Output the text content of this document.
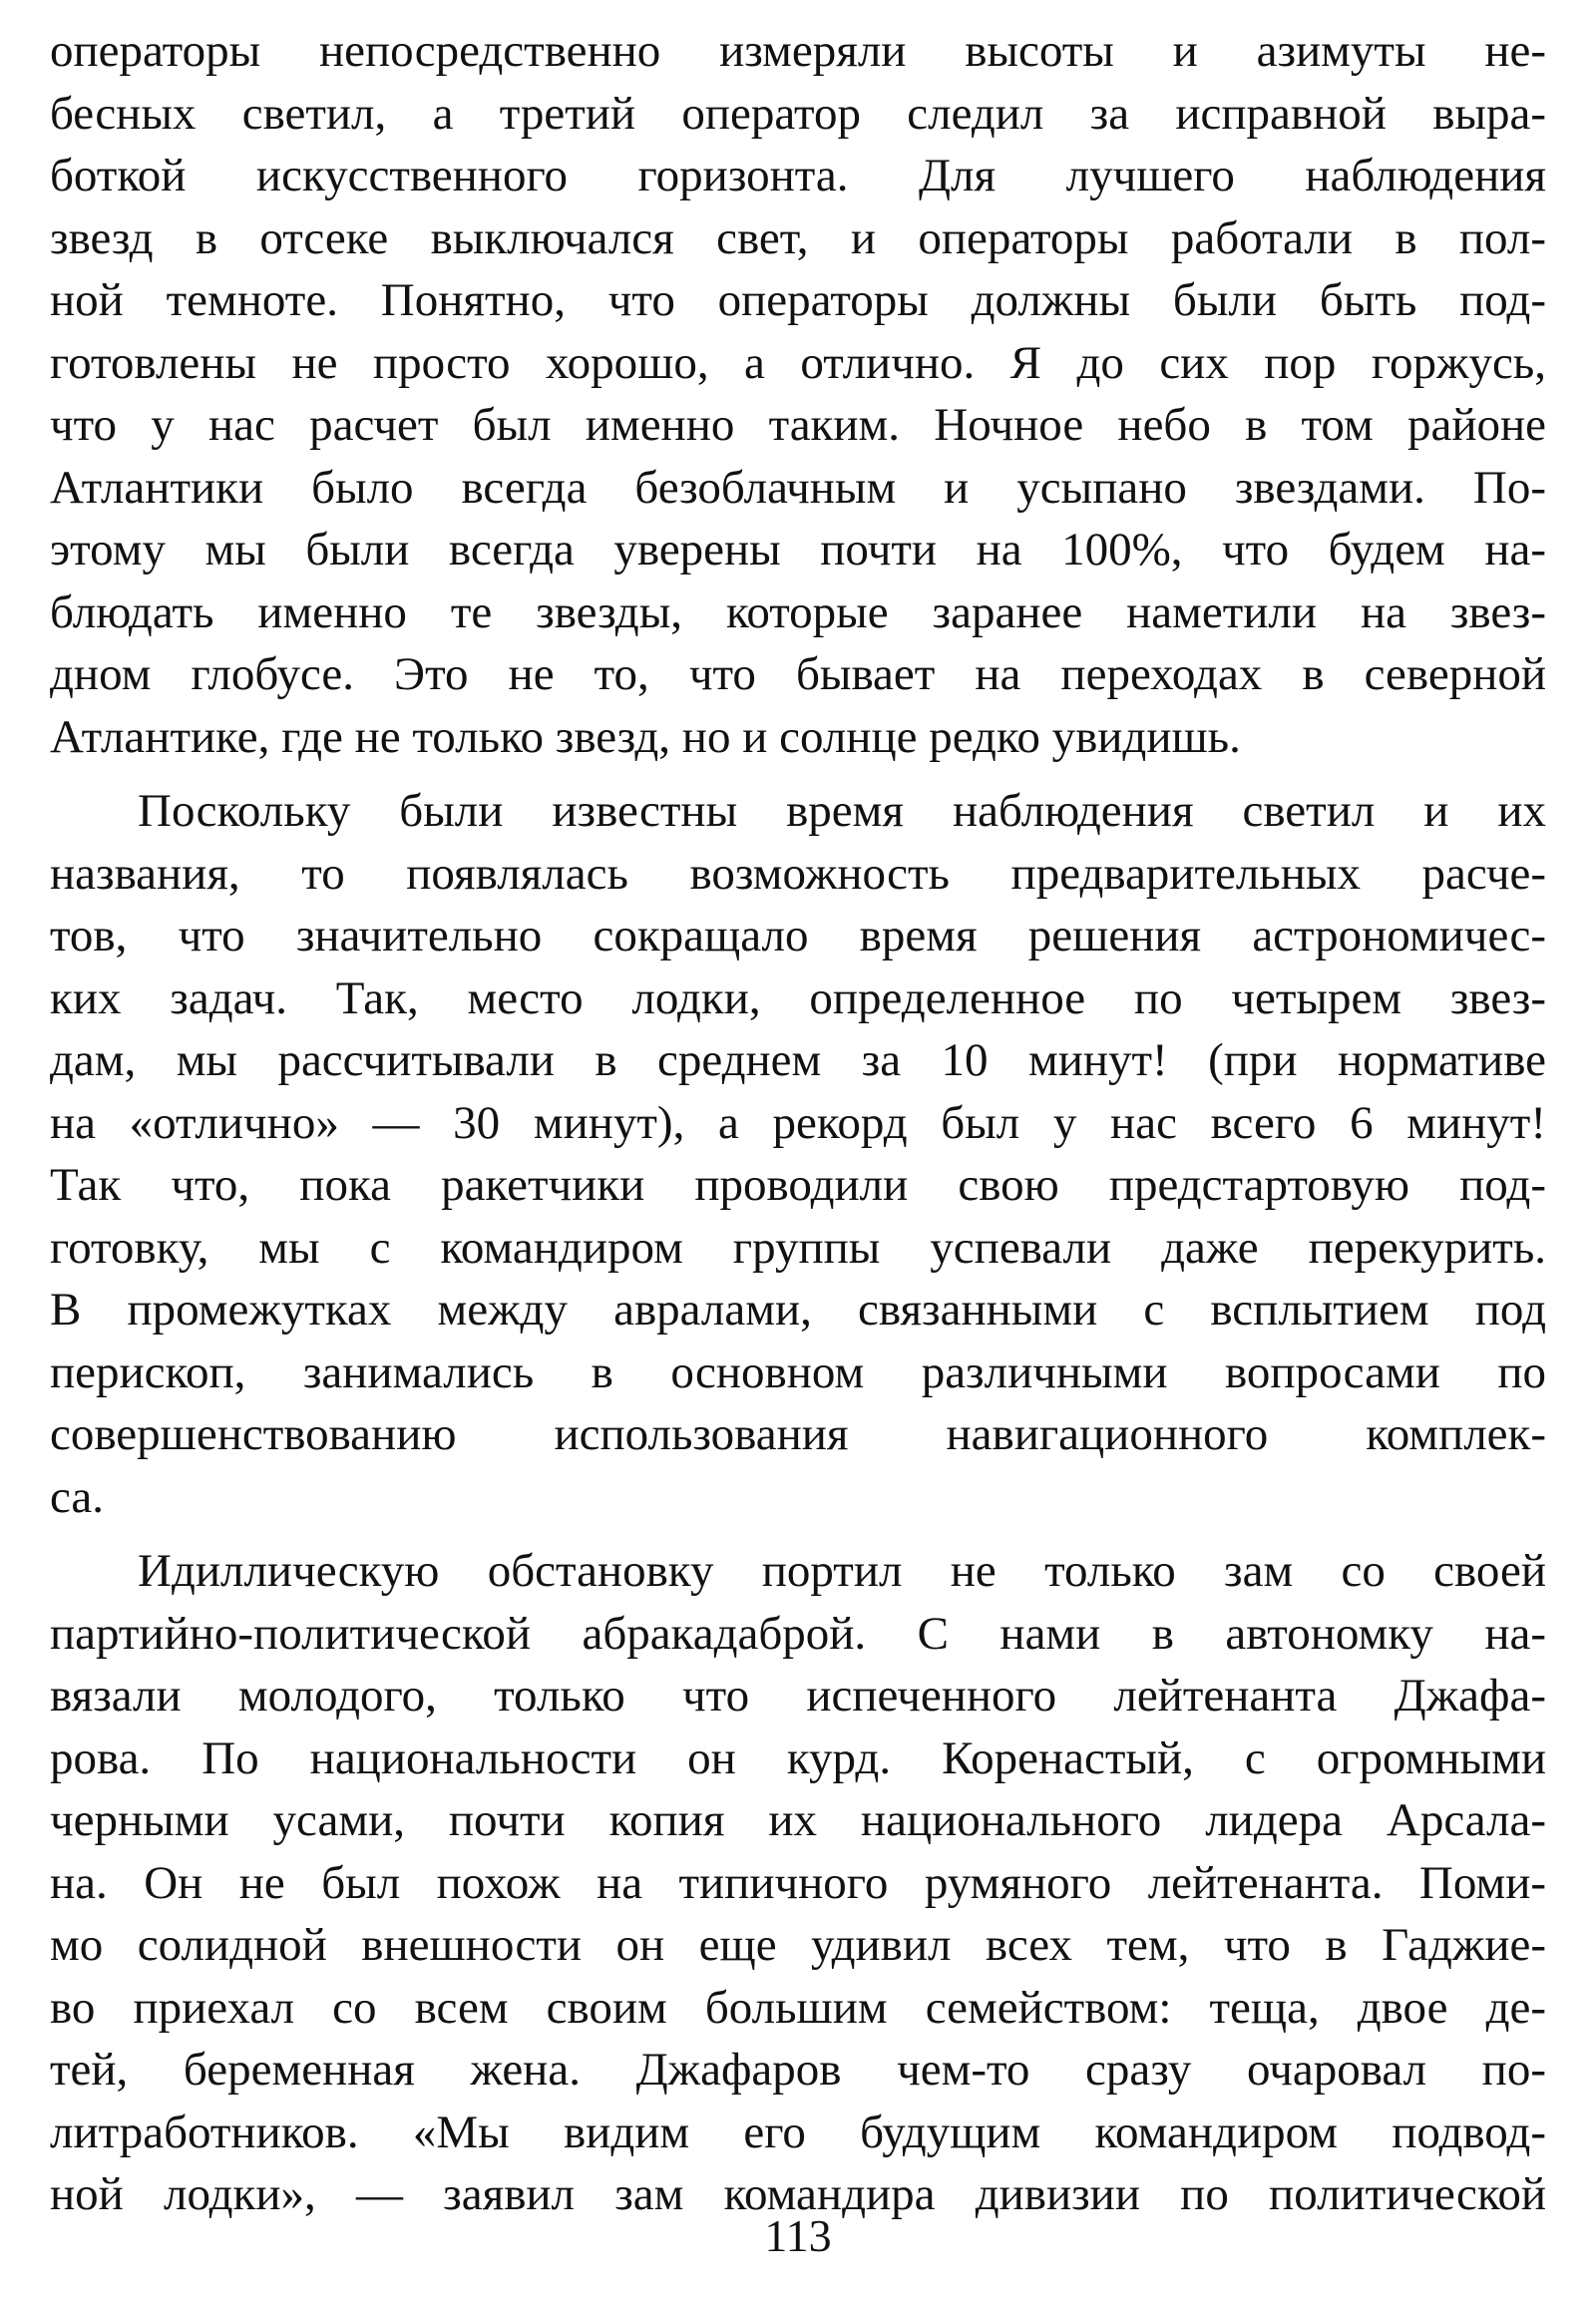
операторы непосредственно измеряли высоты и азимуты не-
бесных светил, а третий оператор следил за исправной выра-
боткой искусственного горизонта. Для лучшего наблюдения
звезд в отсеке выключался свет, и операторы работали в пол-
ной темноте. Понятно, что операторы должны были быть под-
готовлены не просто хорошо, а отлично. Я до сих пор горжусь,
что у нас расчет был именно таким. Ночное небо в том районе
Атлантики было всегда безоблачным и усыпано звездами. По-
этому мы были всегда уверены почти на 100%, что будем на-
блюдать именно те звезды, которые заранее наметили на звез-
дном глобусе. Это не то, что бывает на переходах в северной
Атлантике, где не только звезд, но и солнце редко увидишь.
Поскольку были известны время наблюдения светил и их
названия, то появлялась возможность предварительных расче-
тов, что значительно сокращало время решения астрономичес-
ких задач. Так, место лодки, определенное по четырем звез-
дам, мы рассчитывали в среднем за 10 минут! (при нормативе
на «отлично» — 30 минут), а рекорд был у нас всего 6 минут!
Так что, пока ракетчики проводили свою предстартовую под-
готовку, мы с командиром группы успевали даже перекурить.
В промежутках между авралами, связанными с всплытием под
перископ, занимались в основном различными вопросами по
совершенствованию использования навигационного комплек-
са.
Идиллическую обстановку портил не только зам со своей
партийно-политической абракадаброй. С нами в автономку на-
вязали молодого, только что испеченного лейтенанта Джафа-
рова. По национальности он курд. Коренастый, с огромными
черными усами, почти копия их национального лидера Арсала-
на. Он не был похож на типичного румяного лейтенанта. Поми-
мо солидной внешности он еще удивил всех тем, что в Гаджие-
во приехал со всем своим большим семейством: теща, двое де-
тей, беременная жена. Джафаров чем-то сразу очаровал по-
литработников. «Мы видим его будущим командиром подвод-
ной лодки», — заявил зам командира дивизии по политической
113
